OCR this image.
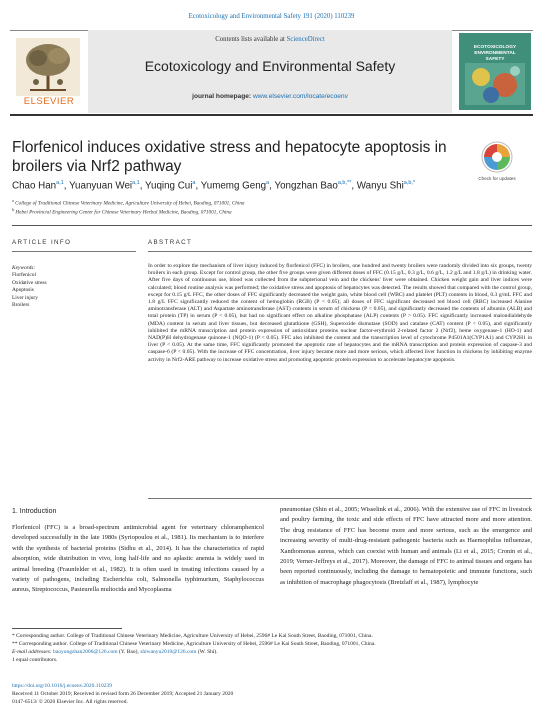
Ecotoxicology and Environmental Safety 191 (2020) 110239
ELSEVIER
Contents lists available at ScienceDirect
Ecotoxicology and Environmental Safety
journal homepage: www.elsevier.com/locate/ecoenv
ECOTOXICOLOGY
ENVIRONMENTAL
SAFETY
Florfenicol induces oxidative stress and hepatocyte apoptosis in broilers via Nrf2 pathway
Check for updates
Chao Han$^{a,1}$, Yuanyuan Wei$^{a,1}$, Yuqing Cui$^a$, Yumemg Geng$^a$, Yongzhan Bao$^{a,b,**}$, Wanyu Shi$^{a,b,*}$
$^a$ College of Traditional Chinese Veterinary Medicine, Agriculture University of Hebei, Baoding, 071001, China
$^b$ Hebei Provincial Engineering Center for Chinese Veterinary Herbal Medicine, Baoding, 071001, China
ARTICLE INFO	ABSTRACT
Keywords:
Florfenicol
Oxidative stress
Apoptosis
Liver injury
Broilers
In order to explore the mechanism of liver injury induced by florfenicol (FFC) in broilers, one hundred and twenty broilers were randomly divided into six groups, twenty broilers in each group. Except for control group, the other five groups were given different doses of FFC (0.15 g/L, 0.3 g/L, 0.6 g/L, 1.2 g/L and 1.8 g/L) in drinking water. After five days of continuous use, blood was collected from the subpterional vein and the chickens' liver were obtained. Chicken weight gain and liver indices were calculated; blood routine analysis was performed; the oxidative stress and apoptosis of hepatocytes was detected. The results showed that compared with the control group, except for 0.15 g/L FFC, the other doses of FFC significantly decreased the weight gain, white blood cell (WBC) and platelet (PLT) contents in blood, 0.3 g/mL FFC and 1.8 g/L FFC significantly reduced the content of hemoglobin (RGB) (P < 0.05); all doses of FFC significant decreased red blood cell (RBC) increased Alanine aminotransferase (ALT) and Aspartate aminotransferase (AST) contents in serum of chickens (P < 0.05), and significantly decreased the contents of albumin (ALB) and total protein (TP) in serum (P < 0.05), but had no significant effect on alkaline phosphatase (ALP) contents (P > 0.05). FFC significantly increased malondialdehyde (MDA) content in serum and liver tissues, but decreased glutathione (GSH), Superoxide dismutase (SOD) and catalase (CAT) content (P < 0.05), and significantly inhibited the mRNA transcription and protein expression of antioxidant proteins nuclear factor-erythroid 2-related factor 2 (Nrf2), heme oxygenase-1 (HO-1) and NAD(P)H dehydrogenase quinone-1 (NQO-1) (P < 0.05). FFC also inhibited the content and the transcription level of cytochrome P4501A1(CYP1A1) and CYP2H1 in liver (P < 0.05). At the same time, FFC significantly promoted the apoptotic rate of hepatocytes and the mRNA transcription and protein expression of caspase-3 and caspase-6 (P < 0.05). With the increase of FFC concentration, liver injury became more and more serious, which affected liver function in chickens by inhibiting enzyme activity in Nrf2-ARE pathway to increase oxidative stress and promoting apoptotic protein expression to accelerate hepatocyte apoptosis.
1. Introduction
Florfenicol (FFC) is a broad-spectrum antimicrobial agent for veterinary chloramphenicol developed successfully in the late 1980s (Syriopoulou et al., 1981). Its mechanism is to interfere with the synthesis of bacterial proteins (Sidhu et al., 2014). It has the characteristics of rapid absorption, wide distribution in vivo, long half-life and no aplastic anemia is widely used in animal breeding (Fraunfelder et al., 1982). It is often used in treating infections caused by a variety of pathogens, including Escherichia coli, Salmonella typhimurium, Staphylococcus aureus, Streptococcus, Pasteurella multocida and Mycoplasma
pneumoniae (Shin et al., 2005; Wisselink et al., 2006). With the extensive use of FFC in livestock and poultry farming, the toxic and side effects of FFC have attracted more and more attention. The drug resistance of FFC has become more and more serious, such as the emergence and increasing severity of multi-drug-resistant pathogenic bacteria such as Haemophilus influenzae, Xanthomonas aureus, which can coexist with human and animals (Li et al., 2015; Cronin et al., 2019; Verner-Jeffreys et al., 2017). Moreover, the damage of FFC to animal tissues and organs has been reported continuously, including the damage to hematopoietic and immune functions, such as inhibition of macrophage phagocytosis (Bretzlaff et al., 1987), lymphocyte
* Corresponding author. College of Traditional Chinese Veterinary Medicine, Agriculture University of Hebei, 2596# Le Kai South Street, Baoding, 071001, China.
** Corresponding author. College of Traditional Chinese Veterinary Medicine, Agriculture University of Hebei, 2596# Le Kai South Street, Baoding, 071001, China.
E-mail addresses: baoyongzhan2006@126.com (Y. Bao), shiwanyu2010@126.com (W. Shi).
1 equal contributors.
https://doi.org/10.1016/j.ecoenv.2020.110239
Received 11 October 2019; Received in revised form 26 December 2019; Accepted 21 January 2020
0147-6513/ © 2020 Elsevier Inc. All rights reserved.
